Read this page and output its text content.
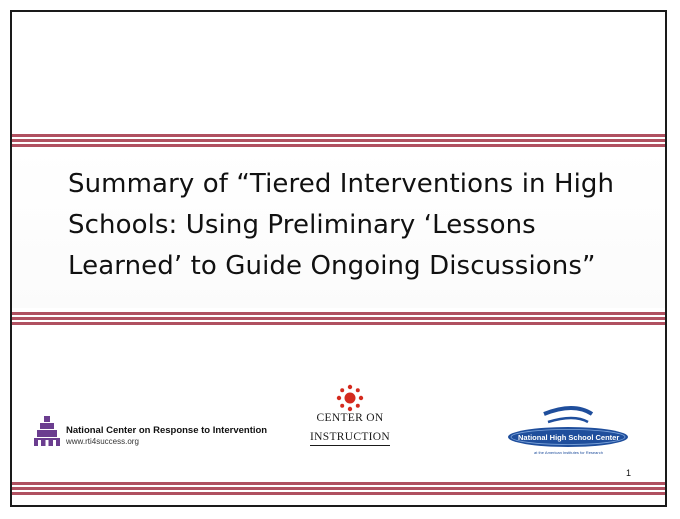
Summary of “Tiered Interventions in High Schools: Using Preliminary ‘Lessons Learned’ to Guide Ongoing Discussions”
National Center on Response to Intervention
www.rti4success.org
CENTER ON
INSTRUCTION	National High School Center
at the American Institutes for Research
1
